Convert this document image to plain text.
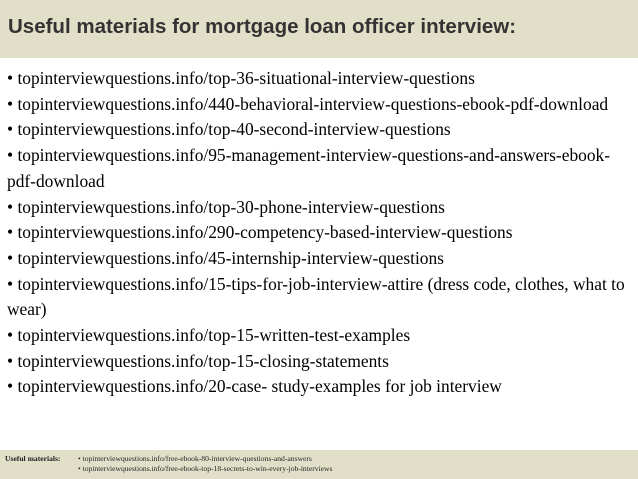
Useful materials for mortgage loan officer interview:
• topinterviewquestions.info/top-36-situational-interview-questions
• topinterviewquestions.info/440-behavioral-interview-questions-ebook-pdf-download
• topinterviewquestions.info/top-40-second-interview-questions
• topinterviewquestions.info/95-management-interview-questions-and-answers-ebook-pdf-download
• topinterviewquestions.info/top-30-phone-interview-questions
• topinterviewquestions.info/290-competency-based-interview-questions
• topinterviewquestions.info/45-internship-interview-questions
• topinterviewquestions.info/15-tips-for-job-interview-attire (dress code, clothes, what to wear)
• topinterviewquestions.info/top-15-written-test-examples
• topinterviewquestions.info/top-15-closing-statements
• topinterviewquestions.info/20-case- study-examples for job interview
Useful materials: • topinterviewquestions.info/free-ebook-80-interview-questions-and-answers
• topinterviewquestions.info/free-ebook-top-18-secrets-to-win-every-job-interviews
